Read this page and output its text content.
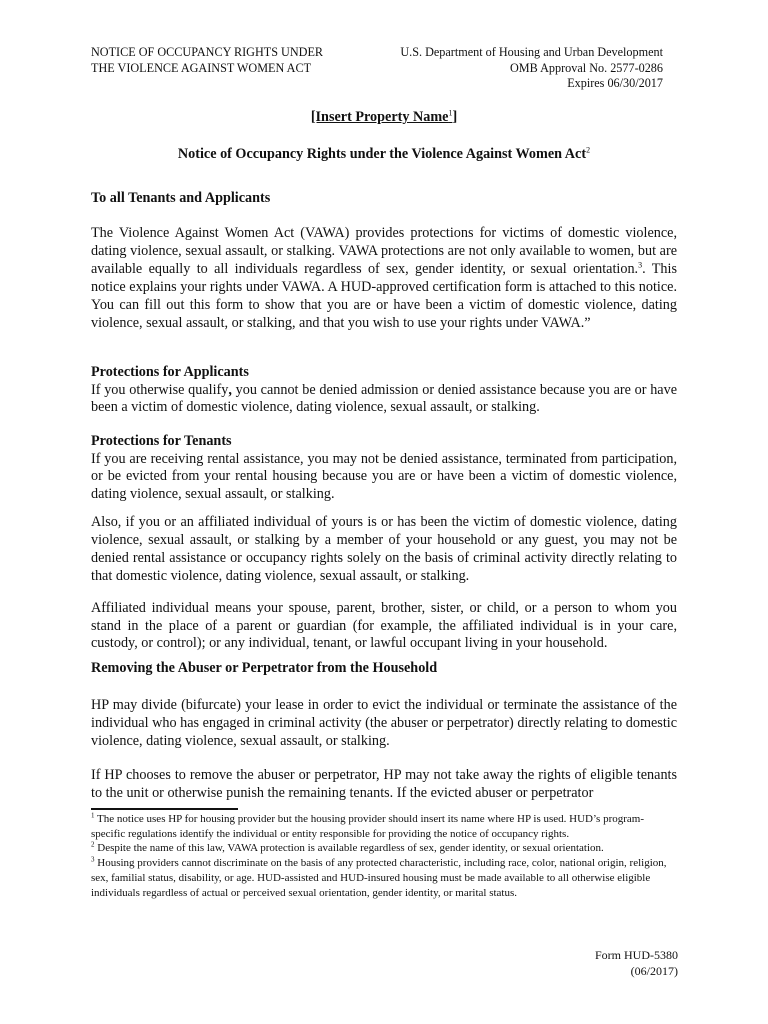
NOTICE OF OCCUPANCY RIGHTS UNDER
THE VIOLENCE AGAINST WOMEN ACT
U.S. Department of Housing and Urban Development
OMB Approval No. 2577-0286
Expires 06/30/2017
[Insert Property Name$^1$]
Notice of Occupancy Rights under the Violence Against Women Act$^2$

To all Tenants and Applicants

The Violence Against Women Act (VAWA) provides protections for victims of domestic violence, dating violence, sexual assault, or stalking. VAWA protections are not only available to women, but are available equally to all individuals regardless of sex, gender identity, or sexual orientation.$^3$. This notice explains your rights under VAWA. A HUD-approved certification form is attached to this notice. You can fill out this form to show that you are or have been a victim of domestic violence, dating violence, sexual assault, or stalking, and that you wish to use your rights under VAWA.”

Protections for Applicants

If you otherwise qualify, you cannot be denied admission or denied assistance because you are or have been a victim of domestic violence, dating violence, sexual assault, or stalking.

Protections for Tenants

If you are receiving rental assistance, you may not be denied assistance, terminated from participation, or be evicted from your rental housing because you are or have been a victim of domestic violence, dating violence, sexual assault, or stalking.

Also, if you or an affiliated individual of yours is or has been the victim of domestic violence, dating violence, sexual assault, or stalking by a member of your household or any guest, you may not be denied rental assistance or occupancy rights solely on the basis of criminal activity directly relating to that domestic violence, dating violence, sexual assault, or stalking.

Affiliated individual means your spouse, parent, brother, sister, or child, or a person to whom you stand in the place of a parent or guardian (for example, the affiliated individual is in your care, custody, or control); or any individual, tenant, or lawful occupant living in your household.

Removing the Abuser or Perpetrator from the Household

HP may divide (bifurcate) your lease in order to evict the individual or terminate the assistance of the individual who has engaged in criminal activity (the abuser or perpetrator) directly relating to domestic violence, dating violence, sexual assault, or stalking.

If HP chooses to remove the abuser or perpetrator, HP may not take away the rights of eligible tenants to the unit or otherwise punish the remaining tenants. If the evicted abuser or perpetrator

$^1$ The notice uses HP for housing provider but the housing provider should insert its name where HP is used. HUD’s program-specific regulations identify the individual or entity responsible for providing the notice of occupancy rights.

$^2$ Despite the name of this law, VAWA protection is available regardless of sex, gender identity, or sexual orientation.

$^3$ Housing providers cannot discriminate on the basis of any protected characteristic, including race, color, national origin, religion, sex, familial status, disability, or age. HUD-assisted and HUD-insured housing must be made available to all otherwise eligible individuals regardless of actual or perceived sexual orientation, gender identity, or marital status.

Form HUD-5380
(06/2017)
